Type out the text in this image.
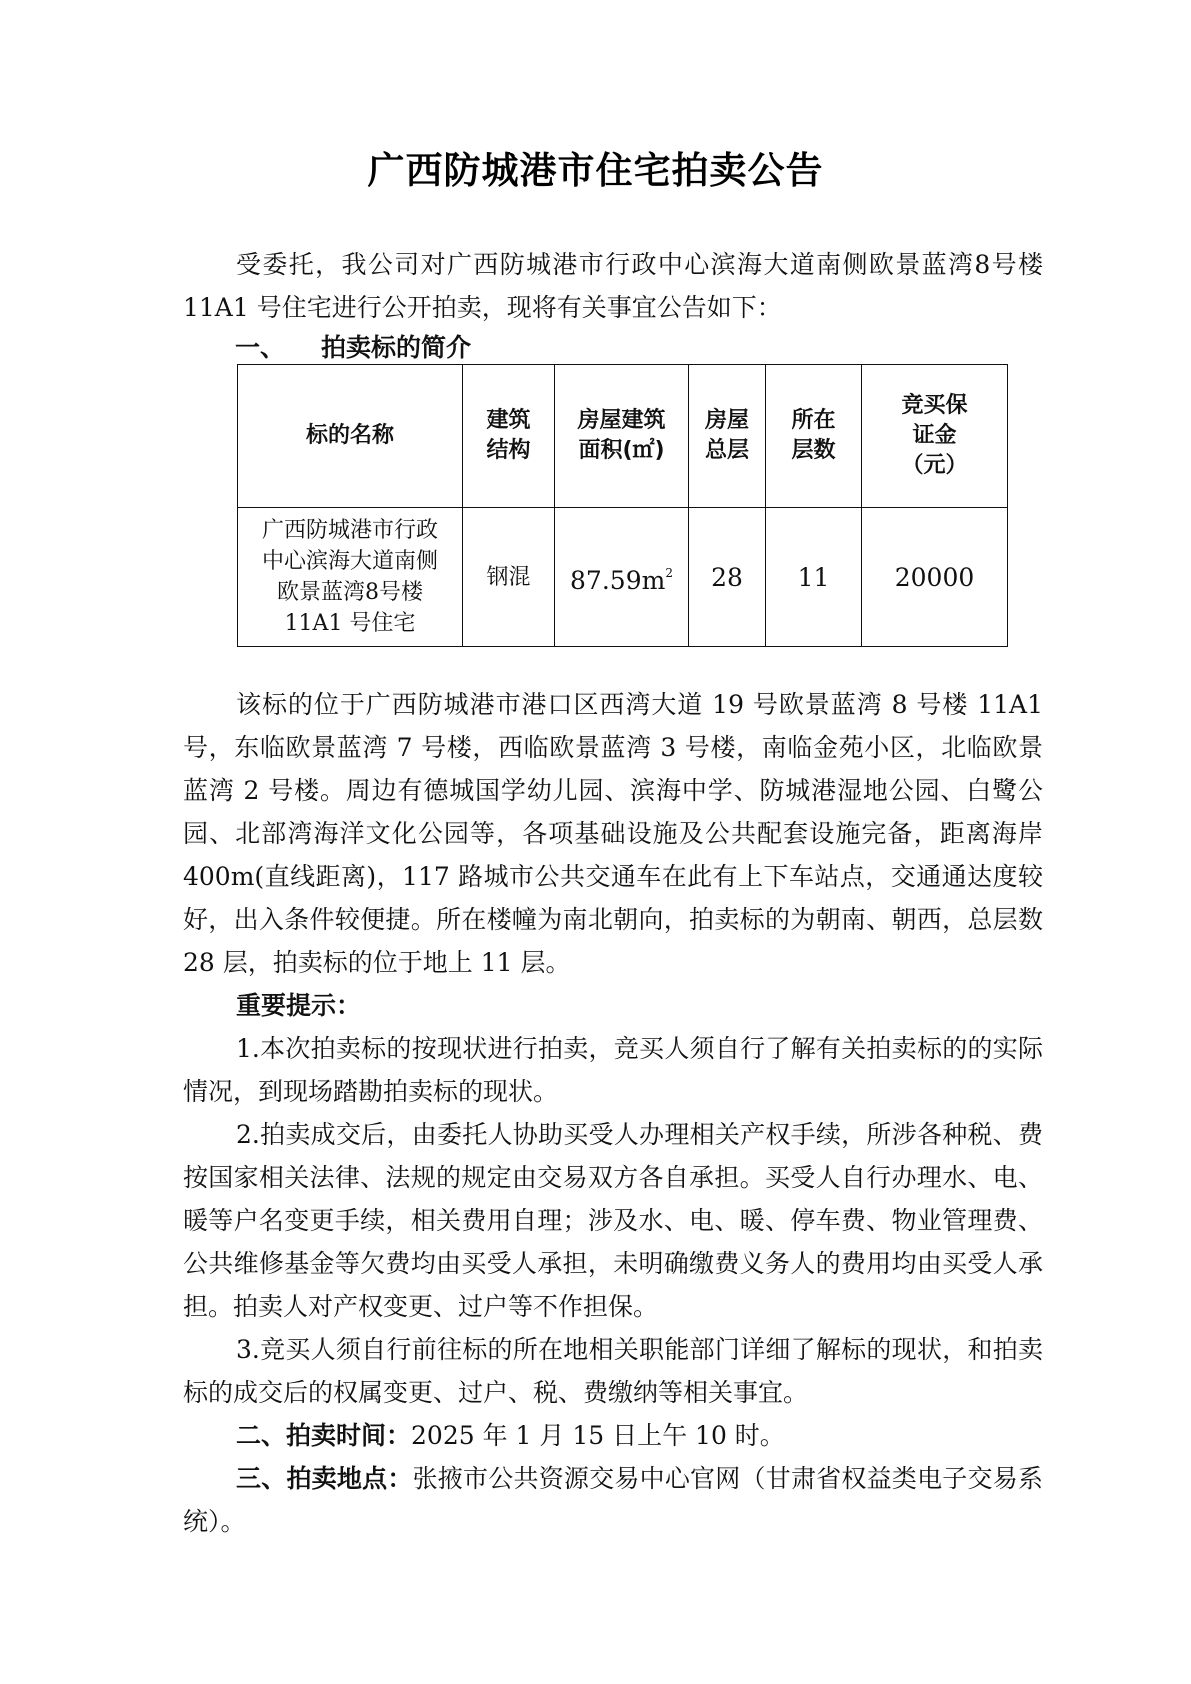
广西防城港市住宅拍卖公告

受委托，我公司对广西防城港市行政中心滨海大道南侧欧景蓝湾8号楼 11A1 号住宅进行公开拍卖，现将有关事宜公告如下：

一、 拍卖标的简介
标的名称	建筑结构	房屋建筑面积(㎡)	房屋总层	所在层数	竞买保证金（元）

广西防城港市行政中心滨海大道南侧欧景蓝湾8号楼 11A1 号住宅	钢混	$87.59m^2$	28	11	20000

该标的位于广西防城港市港口区西湾大道 19 号欧景蓝湾 8 号楼 11A1 号，东临欧景蓝湾 7 号楼，西临欧景蓝湾 3 号楼，南临金苑小区，北临欧景蓝湾 2 号楼。周边有德城国学幼儿园、滨海中学、防城港湿地公园、白鹭公园、北部湾海洋文化公园等，各项基础设施及公共配套设施完备，距离海岸 400m(直线距离)，117 路城市公共交通车在此有上下车站点，交通通达度较好，出入条件较便捷。所在楼幢为南北朝向，拍卖标的为朝南、朝西，总层数 28 层，拍卖标的位于地上 11 层。

重要提示：

1.本次拍卖标的按现状进行拍卖，竞买人须自行了解有关拍卖标的的实际情况，到现场踏勘拍卖标的现状。

2.拍卖成交后，由委托人协助买受人办理相关产权手续，所涉各种税、费按国家相关法律、法规的规定由交易双方各自承担。买受人自行办理水、电、暖等户名变更手续，相关费用自理；涉及水、电、暖、停车费、物业管理费、公共维修基金等欠费均由买受人承担，未明确缴费义务人的费用均由买受人承担。拍卖人对产权变更、过户等不作担保。

3.竞买人须自行前往标的所在地相关职能部门详细了解标的现状，和拍卖标的成交后的权属变更、过户、税、费缴纳等相关事宜。

二、拍卖时间：2025 年 1 月 15 日上午 10 时。

三、拍卖地点：张掖市公共资源交易中心官网（甘肃省权益类电子交易系统）。
